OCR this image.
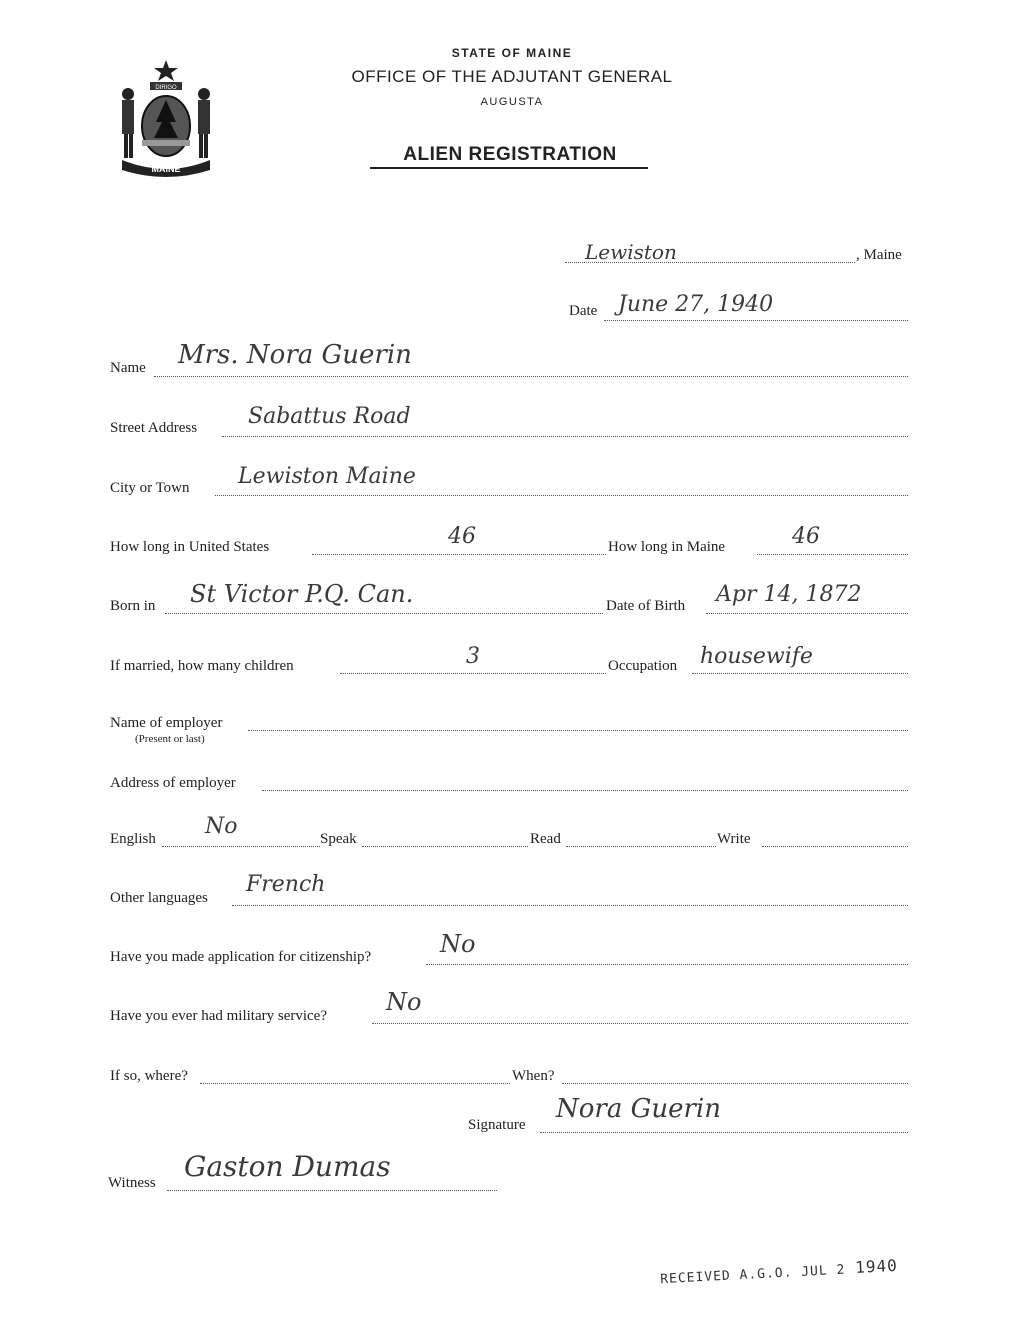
DIRIGO
MAINE
STATE OF MAINE
OFFICE OF THE ADJUTANT GENERAL
AUGUSTA
ALIEN REGISTRATION
Lewiston	, Maine
Date June 27, 1940
Name Mrs. Nora Guerin
Street Address Sabattus Road
City or Town Lewiston Maine
How long in United States	46	How long in Maine	46
Born in St Victor P.Q. Can.	Date of Birth Apr 14, 1872
If married, how many children	3	Occupation housewife
Name of employer
(Present or last)
Address of employer
English No	Speak	Read	Write
Other languages
French
Have you made application for citizenship?	No
Have you ever had military service? No
If so, where?	When?
Signature
Nora Guerin
Witness Gaston Dumas
RECEIVED A.G.O. JUL 2 1940
